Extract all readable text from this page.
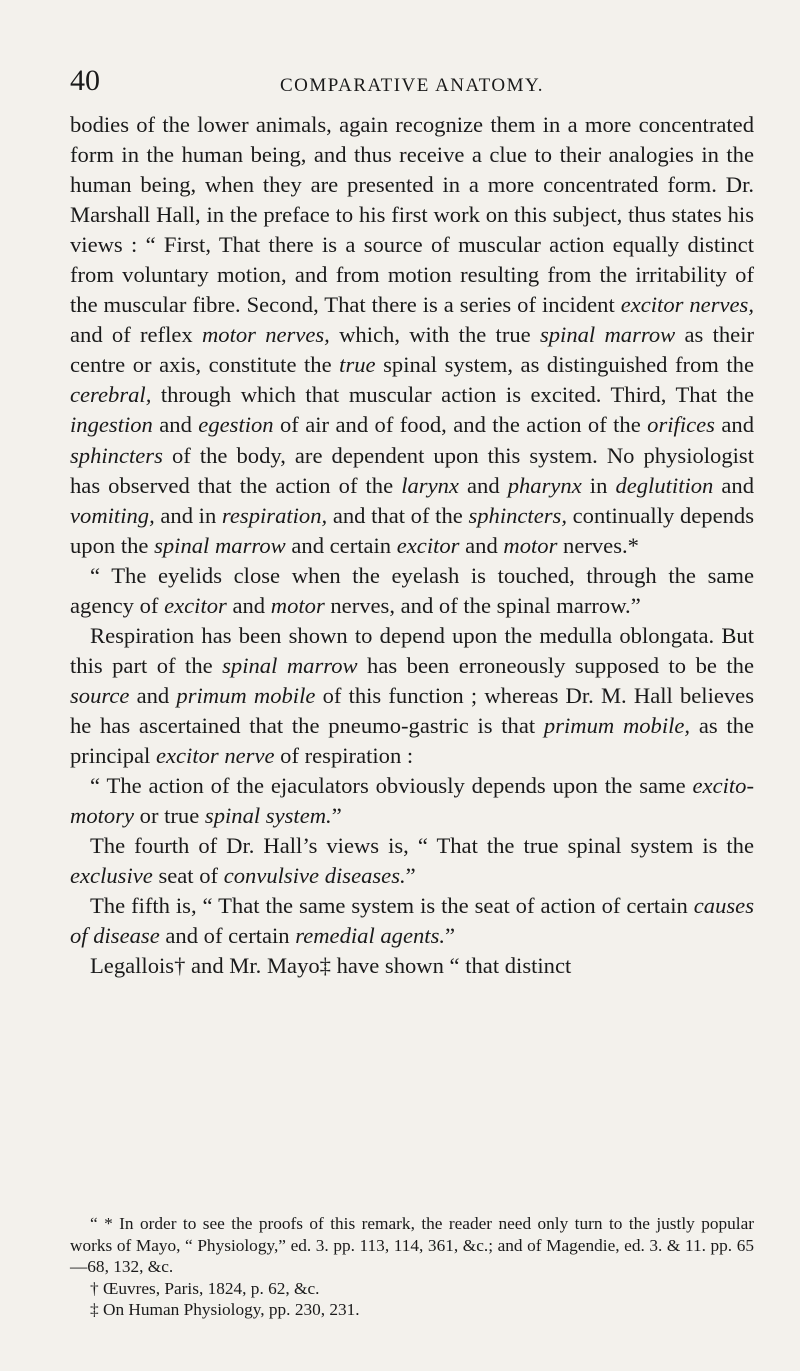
40	COMPARATIVE ANATOMY.

bodies of the lower animals, again recognize them in a more concentrated form in the human being, and thus receive a clue to their analogies in the human being, when they are presented in a more concentrated form. Dr. Marshall Hall, in the preface to his first work on this subject, thus states his views : “ First, That there is a source of muscular action equally distinct from voluntary motion, and from motion resulting from the irritability of the muscular fibre. Second, That there is a series of incident excitor nerves, and of reflex motor nerves, which, with the true spinal marrow as their centre or axis, constitute the true spinal system, as distinguished from the cerebral, through which that muscular action is excited. Third, That the ingestion and egestion of air and of food, and the action of the orifices and sphincters of the body, are dependent upon this system. No physiologist has observed that the action of the larynx and pharynx in deglutition and vomiting, and in respiration, and that of the sphincters, continually depends upon the spinal marrow and certain excitor and motor nerves.*

“ The eyelids close when the eyelash is touched, through the same agency of excitor and motor nerves, and of the spinal marrow.”

Respiration has been shown to depend upon the medulla oblongata. But this part of the spinal marrow has been erroneously supposed to be the source and primum mobile of this function ; whereas Dr. M. Hall believes he has ascertained that the pneumo-gastric is that primum mobile, as the principal excitor nerve of respiration :

“ The action of the ejaculators obviously depends upon the same excito-motory or true spinal system.”

The fourth of Dr. Hall’s views is, “ That the true spinal system is the exclusive seat of convulsive diseases.”

The fifth is, “ That the same system is the seat of action of certain causes of disease and of certain remedial agents.”

Legallois† and Mr. Mayo‡ have shown “ that distinct

“ * In order to see the proofs of this remark, the reader need only turn to the justly popular works of Mayo, “ Physiology,” ed. 3. pp. 113, 114, 361, &c.; and of Magendie, ed. 3. & 11. pp. 65—68, 132, &c.

† Œuvres, Paris, 1824, p. 62, &c.

‡ On Human Physiology, pp. 230, 231.
